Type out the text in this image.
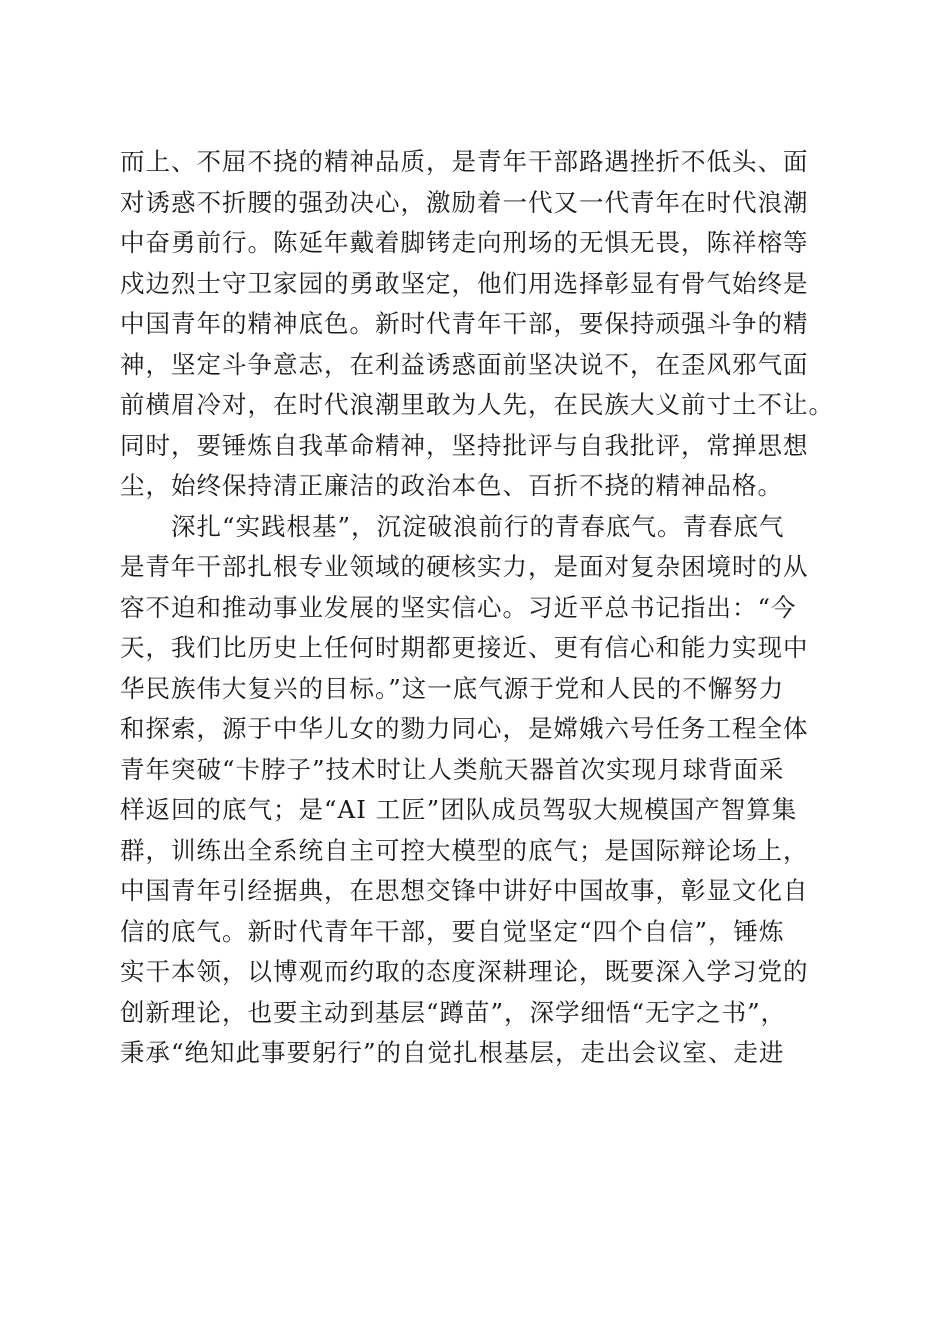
而上、不屈不挠的精神品质，是青年干部路遇挫折不低头、面
对诱惑不折腰的强劲决心，激励着一代又一代青年在时代浪潮
中奋勇前行。陈延年戴着脚铐走向刑场的无惧无畏，陈祥榕等
戍边烈士守卫家园的勇敢坚定，他们用选择彰显有骨气始终是
中国青年的精神底色。新时代青年干部，要保持顽强斗争的精
神，坚定斗争意志，在利益诱惑面前坚决说不，在歪风邪气面
前横眉冷对，在时代浪潮里敢为人先，在民族大义前寸土不让。
同时，要锤炼自我革命精神，坚持批评与自我批评，常掸思想
尘，始终保持清正廉洁的政治本色、百折不挠的精神品格。
　　深扎“实践根基”，沉淀破浪前行的青春底气。青春底气
是青年干部扎根专业领域的硬核实力，是面对复杂困境时的从
容不迫和推动事业发展的坚实信心。习近平总书记指出：“今
天，我们比历史上任何时期都更接近、更有信心和能力实现中
华民族伟大复兴的目标。”这一底气源于党和人民的不懈努力
和探索，源于中华儿女的勠力同心，是嫦娥六号任务工程全体
青年突破“卡脖子”技术时让人类航天器首次实现月球背面采
样返回的底气；是“AI 工匠”团队成员驾驭大规模国产智算集
群，训练出全系统自主可控大模型的底气；是国际辩论场上，
中国青年引经据典，在思想交锋中讲好中国故事，彰显文化自
信的底气。新时代青年干部，要自觉坚定“四个自信”，锤炼
实干本领，以博观而约取的态度深耕理论，既要深入学习党的
创新理论，也要主动到基层“蹲苗”，深学细悟“无字之书”，
秉承“绝知此事要躬行”的自觉扎根基层，走出会议室、走进
